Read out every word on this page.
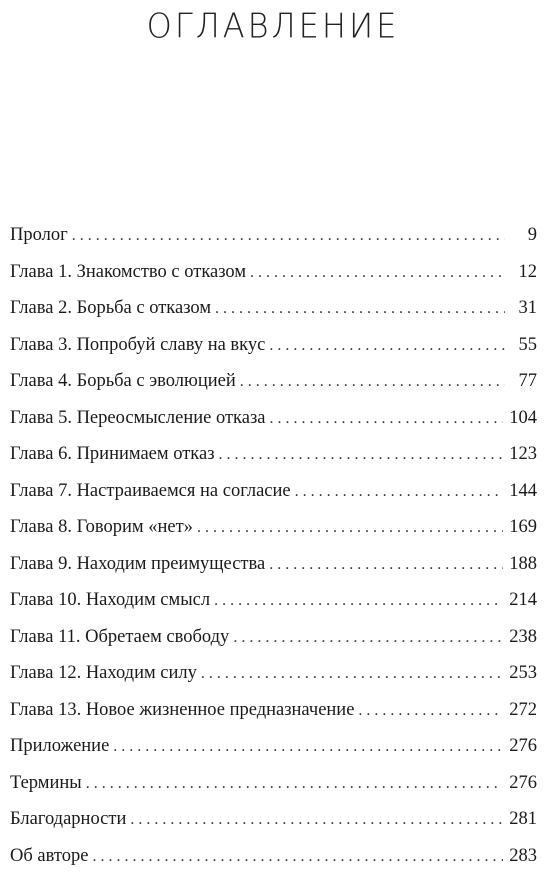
ОГЛАВЛЕНИЕ
Пролог . . .	9
Глава 1. Знакомство с отказом . . .	12
Глава 2. Борьба с отказом . . .	31
Глава 3. Попробуй славу на вкус . . .	55
Глава 4. Борьба с эволюцией . . .	77
Глава 5. Переосмысление отказа . . .	104
Глава 6. Принимаем отказ . . .	123
Глава 7. Настраиваемся на согласие . . .	144
Глава 8. Говорим «нет» . . .	169
Глава 9. Находим преимущества . . .	188
Глава 10. Находим смысл . . .	214
Глава 11. Обретаем свободу . . .	238
Глава 12. Находим силу . . .	253
Глава 13. Новое жизненное предназначение . . .	272
Приложение . . .	276
Термины . . .	276
Благодарности . . .	281
Об авторе . . .	283
